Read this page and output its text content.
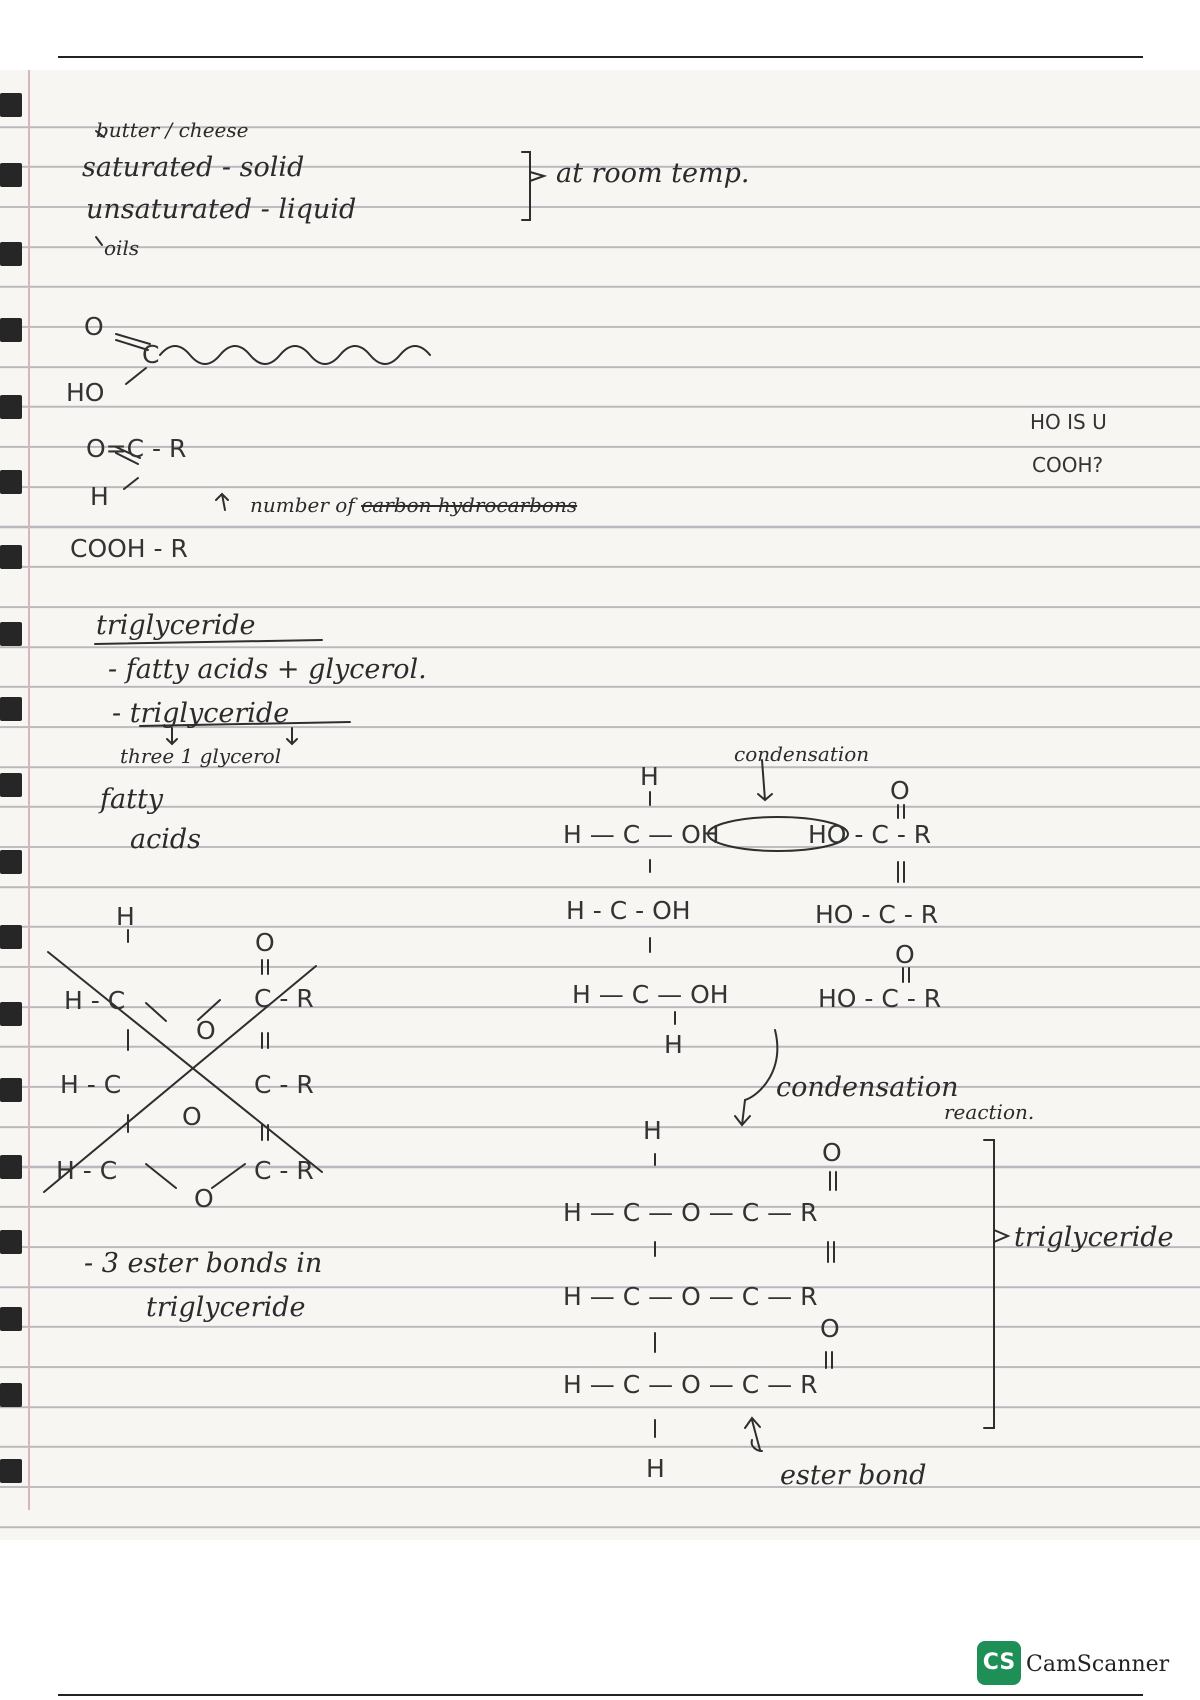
butter / cheese
saturated - solid
unsaturated - liquid
at room temp.
oils
O
C
HO
O=C - R
H	number of carbon hydrocarbons
HO IS U
COOH?
COOH - R
triglyceride
- fatty acids + glycerol.
- triglyceride
three 1 glycerol
fatty
acids
condensation
H
O
H - C
O
C - R
H - C	C - R
O
H - C	C - R
O
- 3 ester bonds in
triglyceride
H	O
H — C — OH	HO - C - R
H - C - OH	HO - C - R
O
H — C — OH	HO - C - R
H
condensation
reaction.
H
O
H — C — O — C — R
H — C — O — C — R
O
H — C — O — C — R
H
triglyceride
ester bond
CS CamScanner
